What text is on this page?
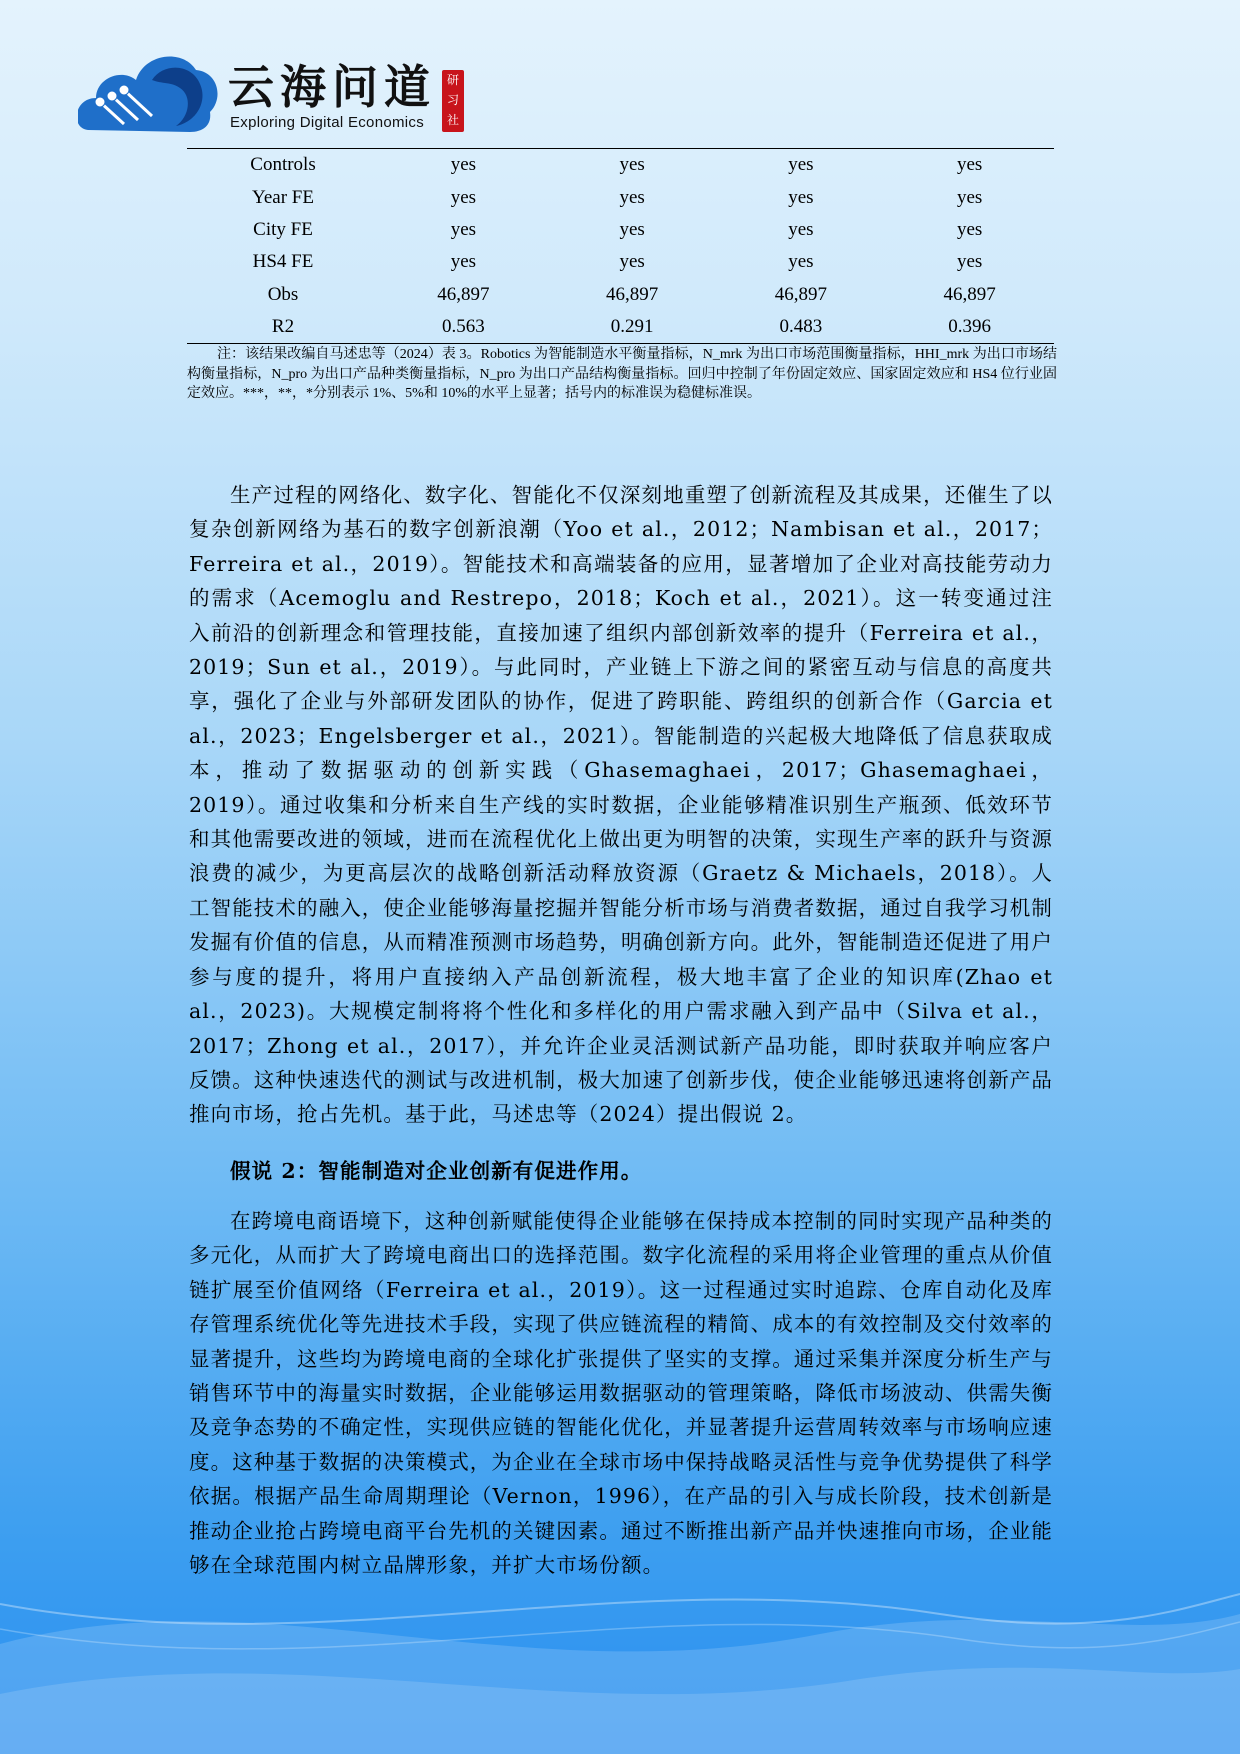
云海问道
Exploring Digital Economics
研习社
Controls	yes	yes	yes	yes
Year FE	yes	yes	yes	yes
City FE	yes	yes	yes	yes
HS4 FE	yes	yes	yes	yes
Obs	46,897	46,897	46,897	46,897
R2	0.563	0.291	0.483	0.396
注：该结果改编自马述忠等（2024）表 3。Robotics 为智能制造水平衡量指标，N_mrk 为出口市场范围衡量指标，HHI_mrk 为出口市场结构衡量指标，N_pro 为出口产品种类衡量指标，N_pro 为出口产品结构衡量指标。回归中控制了年份固定效应、国家固定效应和 HS4 位行业固定效应。***，**，*分别表示 1%、5%和 10%的水平上显著；括号内的标准误为稳健标准误。

生产过程的网络化、数字化、智能化不仅深刻地重塑了创新流程及其成果，还催生了以复杂创新网络为基石的数字创新浪潮（Yoo et al.，2012；Nambisan et al.，2017；Ferreira et al.，2019）。智能技术和高端装备的应用，显著增加了企业对高技能劳动力的需求（Acemoglu and Restrepo，2018；Koch et al.，2021）。这一转变通过注入前沿的创新理念和管理技能，直接加速了组织内部创新效率的提升（Ferreira et al.，2019；Sun et al.，2019）。与此同时，产业链上下游之间的紧密互动与信息的高度共享，强化了企业与外部研发团队的协作，促进了跨职能、跨组织的创新合作（Garcia et al.，2023；Engelsberger et al.，2021）。智能制造的兴起极大地降低了信息获取成本，推动了数据驱动的创新实践（Ghasemaghaei，2017；Ghasemaghaei，2019）。通过收集和分析来自生产线的实时数据，企业能够精准识别生产瓶颈、低效环节和其他需要改进的领域，进而在流程优化上做出更为明智的决策，实现生产率的跃升与资源浪费的减少，为更高层次的战略创新活动释放资源（Graetz & Michaels，2018）。人工智能技术的融入，使企业能够海量挖掘并智能分析市场与消费者数据，通过自我学习机制发掘有价值的信息，从而精准预测市场趋势，明确创新方向。此外，智能制造还促进了用户参与度的提升，将用户直接纳入产品创新流程，极大地丰富了企业的知识库(Zhao et al.，2023)。大规模定制将将个性化和多样化的用户需求融入到产品中（Silva et al.，2017；Zhong et al.，2017），并允许企业灵活测试新产品功能，即时获取并响应客户反馈。这种快速迭代的测试与改进机制，极大加速了创新步伐，使企业能够迅速将创新产品推向市场，抢占先机。基于此，马述忠等（2024）提出假说 2。

假说 2：智能制造对企业创新有促进作用。

在跨境电商语境下，这种创新赋能使得企业能够在保持成本控制的同时实现产品种类的多元化，从而扩大了跨境电商出口的选择范围。数字化流程的采用将企业管理的重点从价值链扩展至价值网络（Ferreira et al.，2019）。这一过程通过实时追踪、仓库自动化及库存管理系统优化等先进技术手段，实现了供应链流程的精简、成本的有效控制及交付效率的显著提升，这些均为跨境电商的全球化扩张提供了坚实的支撑。通过采集并深度分析生产与销售环节中的海量实时数据，企业能够运用数据驱动的管理策略，降低市场波动、供需失衡及竞争态势的不确定性，实现供应链的智能化优化，并显著提升运营周转效率与市场响应速度。这种基于数据的决策模式，为企业在全球市场中保持战略灵活性与竞争优势提供了科学依据。根据产品生命周期理论（Vernon，1996），在产品的引入与成长阶段，技术创新是推动企业抢占跨境电商平台先机的关键因素。通过不断推出新产品并快速推向市场，企业能够在全球范围内树立品牌形象，并扩大市场份额。
